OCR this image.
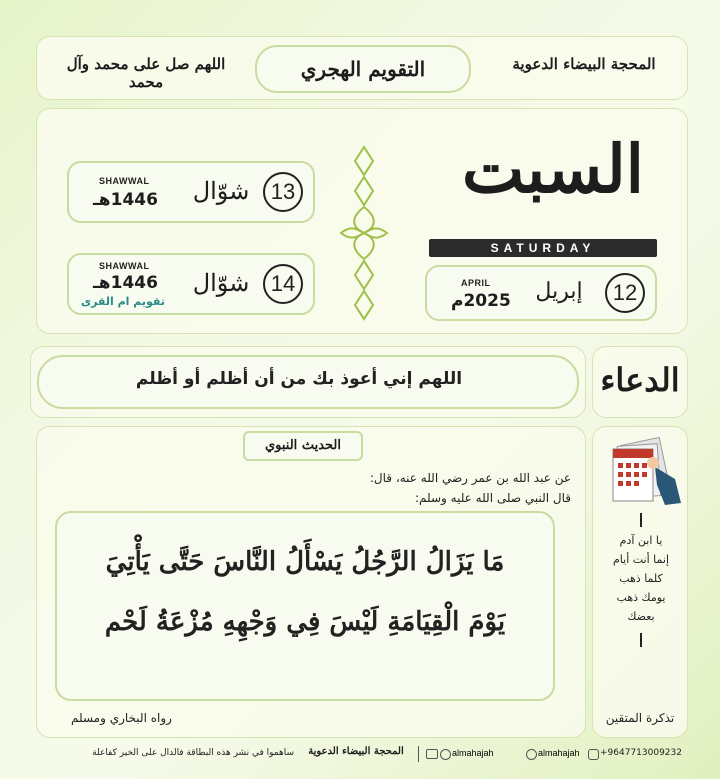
اللهم صل على محمد وآل محمد
التقويم الهجري	المحجة البيضاء الدعوية
13
شوّال
SHAWWAL
1446هـ
14
شوّال
SHAWWAL
1446هـ
تقويم ام القرى
السبت
SATURDAY
12
إبريل
APRIL
2025م
اللهم إني أعوذ بك من أن أظلم أو أظلم	الدعاء
الحديث النبوي
عن عبد الله بن عمر رضي الله عنه، قال:
قال النبي صلى الله عليه وسلم:
مَا يَزَالُ الرَّجُلُ يَسْأَلُ النَّاسَ حَتَّى يَأْتِيَ
يَوْمَ الْقِيَامَةِ لَيْسَ فِي وَجْهِهِ مُزْعَةُ لَحْم
رواه البخاري ومسلم
يا ابن آدم
إنما أنت أيام
كلما ذهب
يومك ذهب
بعضك
تذكرة المتقين
+9647713009232
almahajah
almahajah
المحجة البيضاء الدعوية
ساهموا في نشر هذه البطاقة فالدال على الخير كفاعلة
